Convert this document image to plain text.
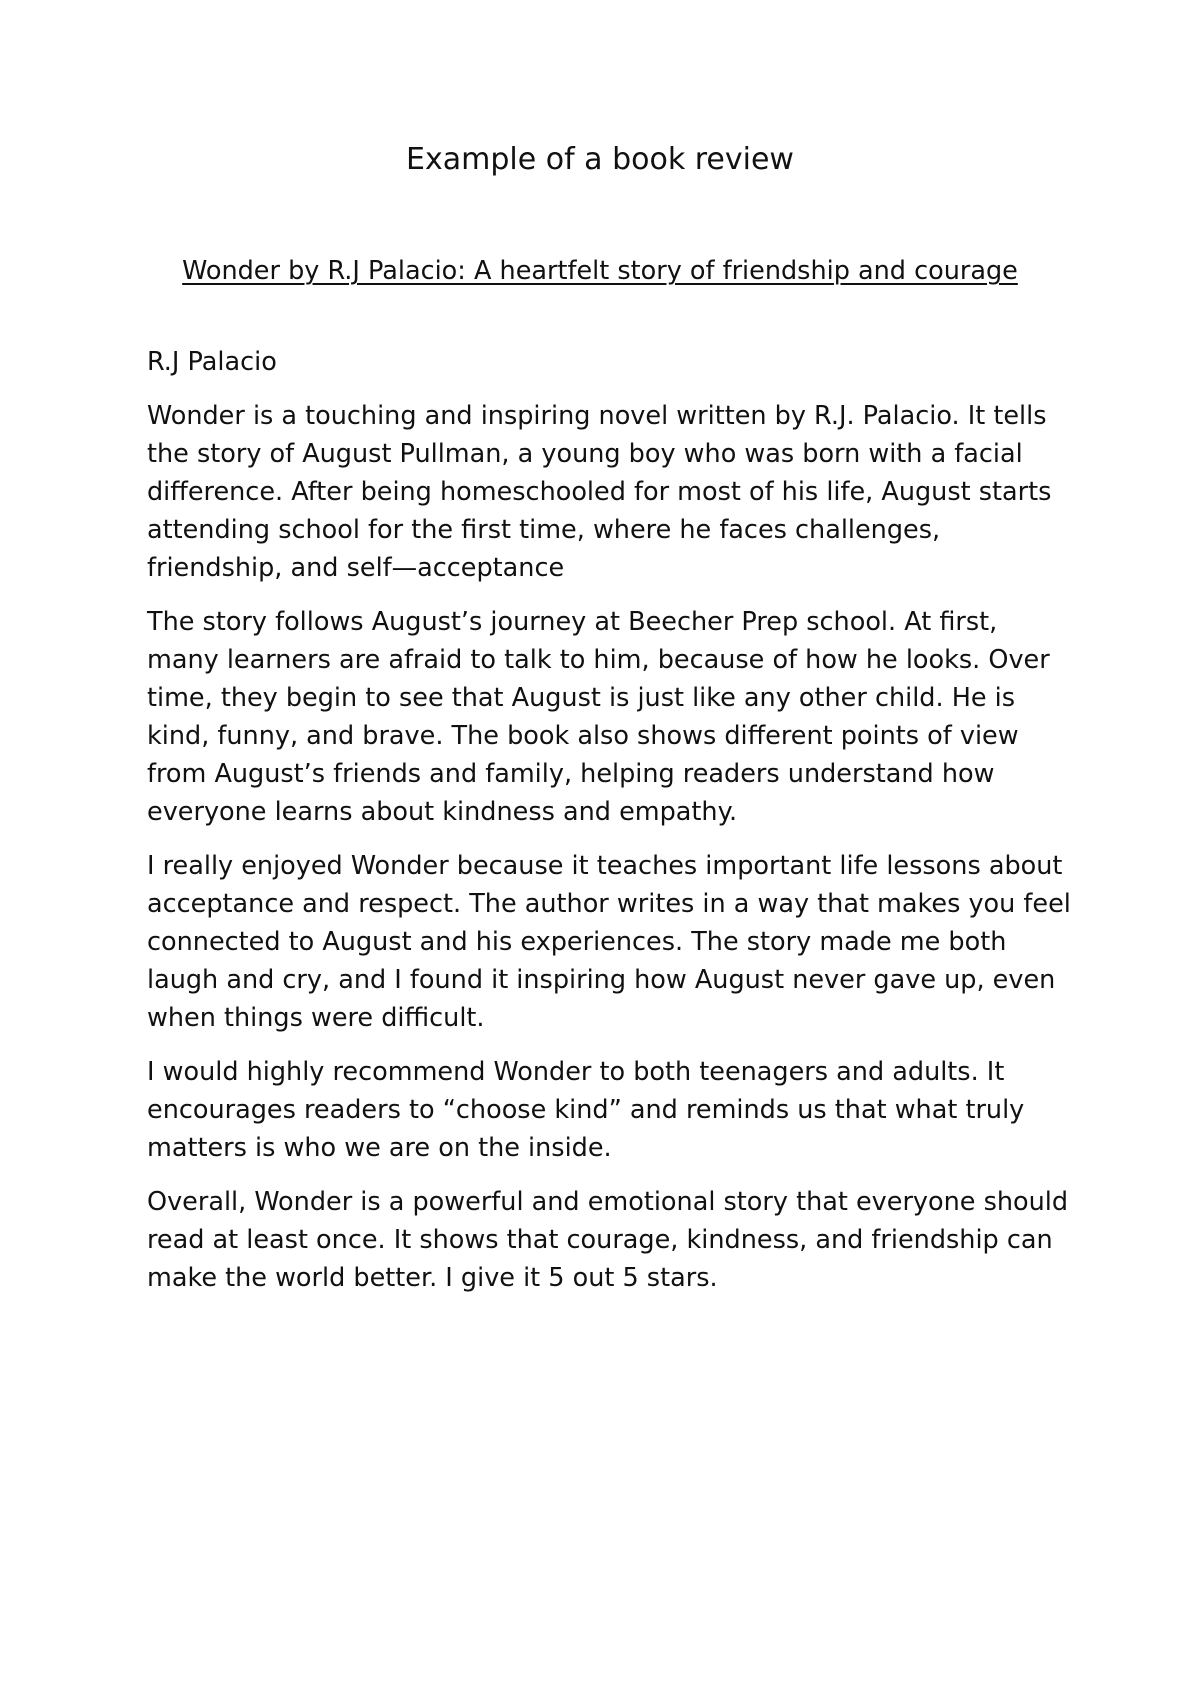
Example of a book review
Wonder by R.J Palacio: A heartfelt story of friendship and courage

R.J Palacio

Wonder is a touching and inspiring novel written by R.J. Palacio. It tells the story of August Pullman, a young boy who was born with a facial difference. After being homeschooled for most of his life, August starts attending school for the first time, where he faces challenges, friendship, and self—acceptance

The story follows August’s journey at Beecher Prep school. At first, many learners are afraid to talk to him, because of how he looks. Over time, they begin to see that August is just like any other child. He is kind, funny, and brave. The book also shows different points of view from August’s friends and family, helping readers understand how everyone learns about kindness and empathy.

I really enjoyed Wonder because it teaches important life lessons about acceptance and respect. The author writes in a way that makes you feel connected to August and his experiences. The story made me both laugh and cry, and I found it inspiring how August never gave up, even when things were difficult.

I would highly recommend Wonder to both teenagers and adults. It encourages readers to “choose kind” and reminds us that what truly matters is who we are on the inside.

Overall, Wonder is a powerful and emotional story that everyone should read at least once. It shows that courage, kindness, and friendship can make the world better. I give it 5 out 5 stars.
